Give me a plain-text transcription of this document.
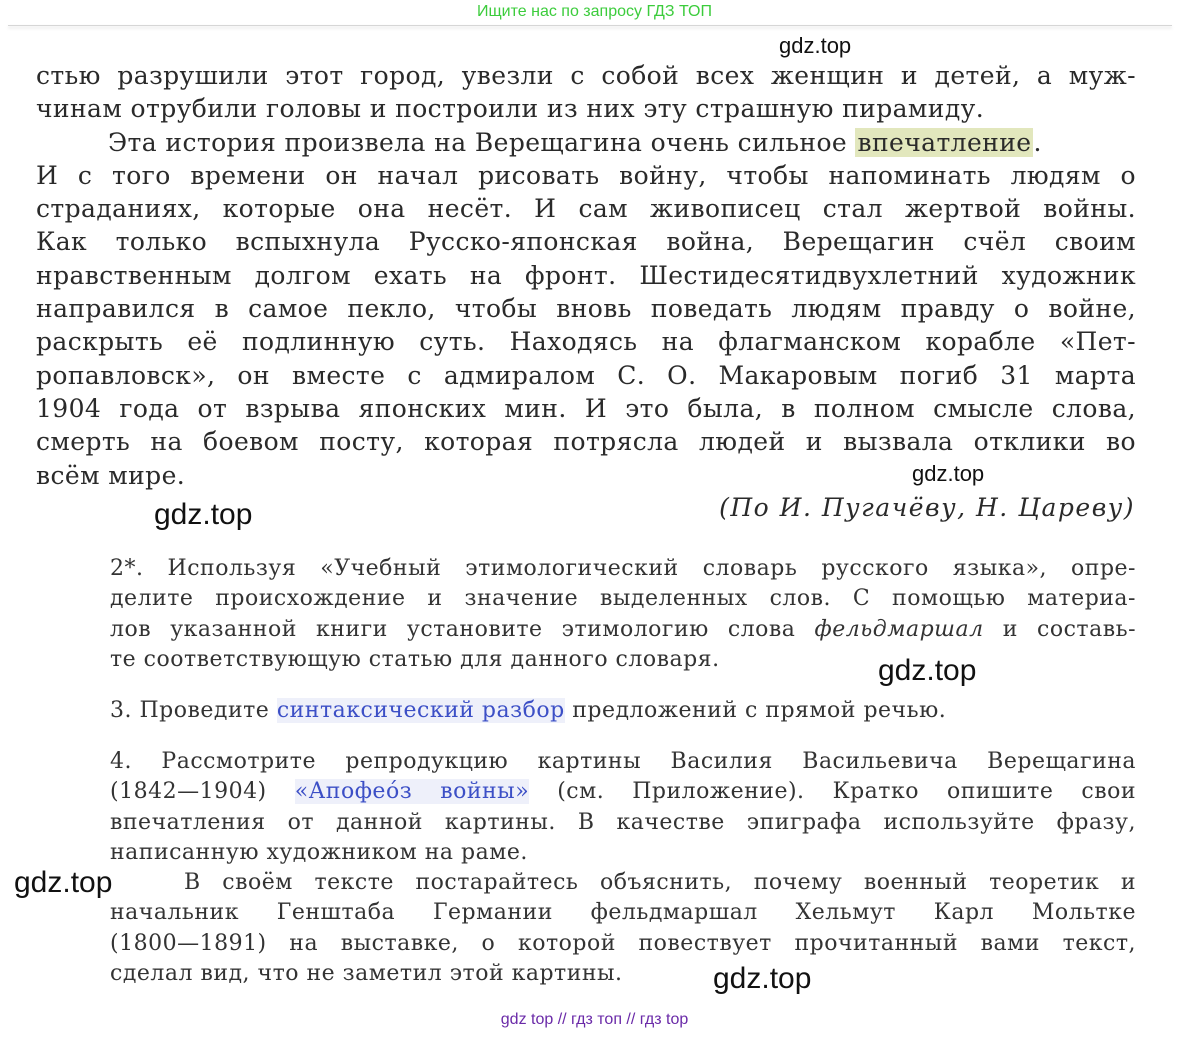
Ищите нас по запросу ГДЗ ТОП
gdz.top
gdz.top
gdz.top
gdz.top
gdz.top
gdz.top
стью разрушили этот город, увезли с собой всех женщин и детей, а муж-
чинам отрубили головы и построили из них эту страшную пирамиду.
Эта история произвела на Верещагина очень сильное впечатление.
И с того времени он начал рисовать войну, чтобы напоминать людям о
страданиях, которые она несёт. И сам живописец стал жертвой войны.
Как только вспыхнула Русско-японская война, Верещагин счёл своим
нравственным долгом ехать на фронт. Шестидесятидвухлетний художник
направился в самое пекло, чтобы вновь поведать людям правду о войне,
раскрыть её подлинную суть. Находясь на флагманском корабле «Пет-
ропавловск», он вместе с адмиралом С. О. Макаровым погиб 31 марта
1904 года от взрыва японских мин. И это была, в полном смысле слова,
смерть на боевом посту, которая потрясла людей и вызвала отклики во
всём мире.
(По И. Пугачёву, Н. Цареву)
2*. Используя «Учебный этимологический словарь русского языка», опре-
делите происхождение и значение выделенных слов. С помощью материа-
лов указанной книги установите этимологию слова фельдмаршал и составь-
те соответствующую статью для данного словаря.
3. Проведите синтаксический разбор предложений с прямой речью.
4. Рассмотрите репродукцию картины Василия Васильевича Верещагина
(1842—1904) «Апофеóз войны» (см. Приложение). Кратко опишите свои
впечатления от данной картины. В качестве эпиграфа используйте фразу,
написанную художником на раме.
В своём тексте постарайтесь объяснить, почему военный теоретик и
начальник Генштаба Германии фельдмаршал Хельмут Карл Мольтке
(1800—1891) на выставке, о которой повествует прочитанный вами текст,
сделал вид, что не заметил этой картины.
gdz top // гдз топ // гдз top
